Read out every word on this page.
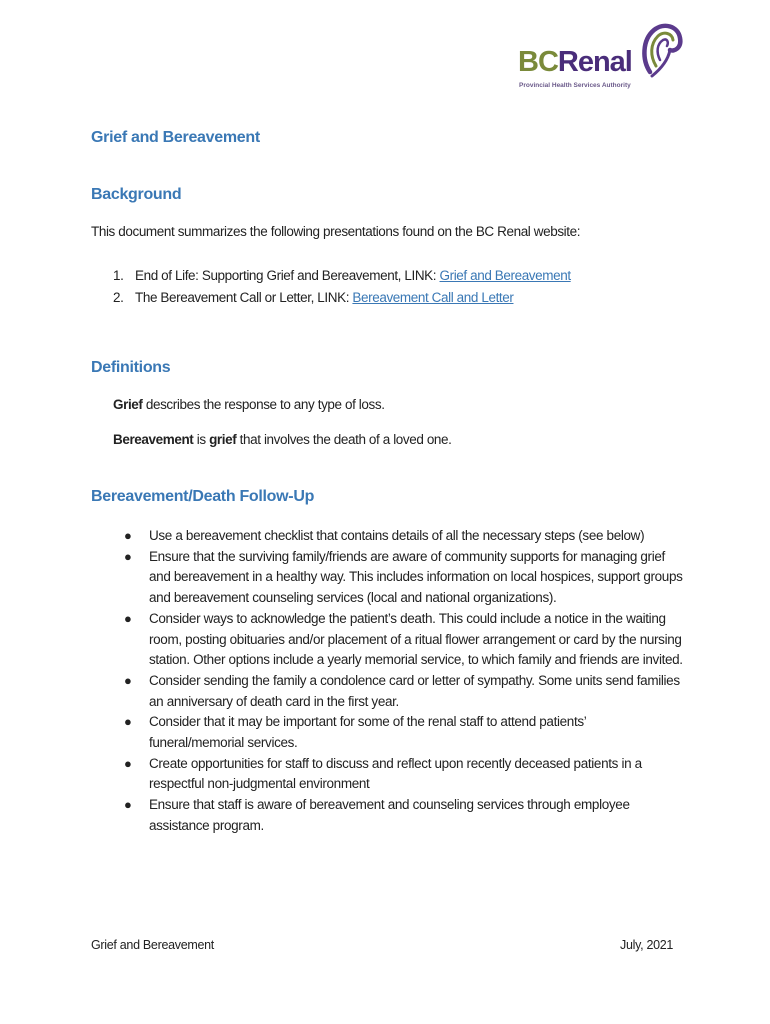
BCRenal
Provincial Health Services Authority
Grief and Bereavement
Background

This document summarizes the following presentations found on the BC Renal website:

1. End of Life: Supporting Grief and Bereavement, LINK: Grief and Bereavement
2. The Bereavement Call or Letter, LINK: Bereavement Call and Letter
Definitions

Grief describes the response to any type of loss.

Bereavement is grief that involves the death of a loved one.

Bereavement/Death Follow-Up
● Use a bereavement checklist that contains details of all the necessary steps (see below)
● Ensure that the surviving family/friends are aware of community supports for managing grief and bereavement in a healthy way. This includes information on local hospices, support groups and bereavement counseling services (local and national organizations).
● Consider ways to acknowledge the patient’s death. This could include a notice in the waiting room, posting obituaries and/or placement of a ritual flower arrangement or card by the nursing station. Other options include a yearly memorial service, to which family and friends are invited.
● Consider sending the family a condolence card or letter of sympathy. Some units send families an anniversary of death card in the first year.
● Consider that it may be important for some of the renal staff to attend patients’ funeral/memorial services.
● Create opportunities for staff to discuss and reflect upon recently deceased patients in a respectful non-judgmental environment
● Ensure that staff is aware of bereavement and counseling services through employee assistance program.
Grief and Bereavement	July, 2021
